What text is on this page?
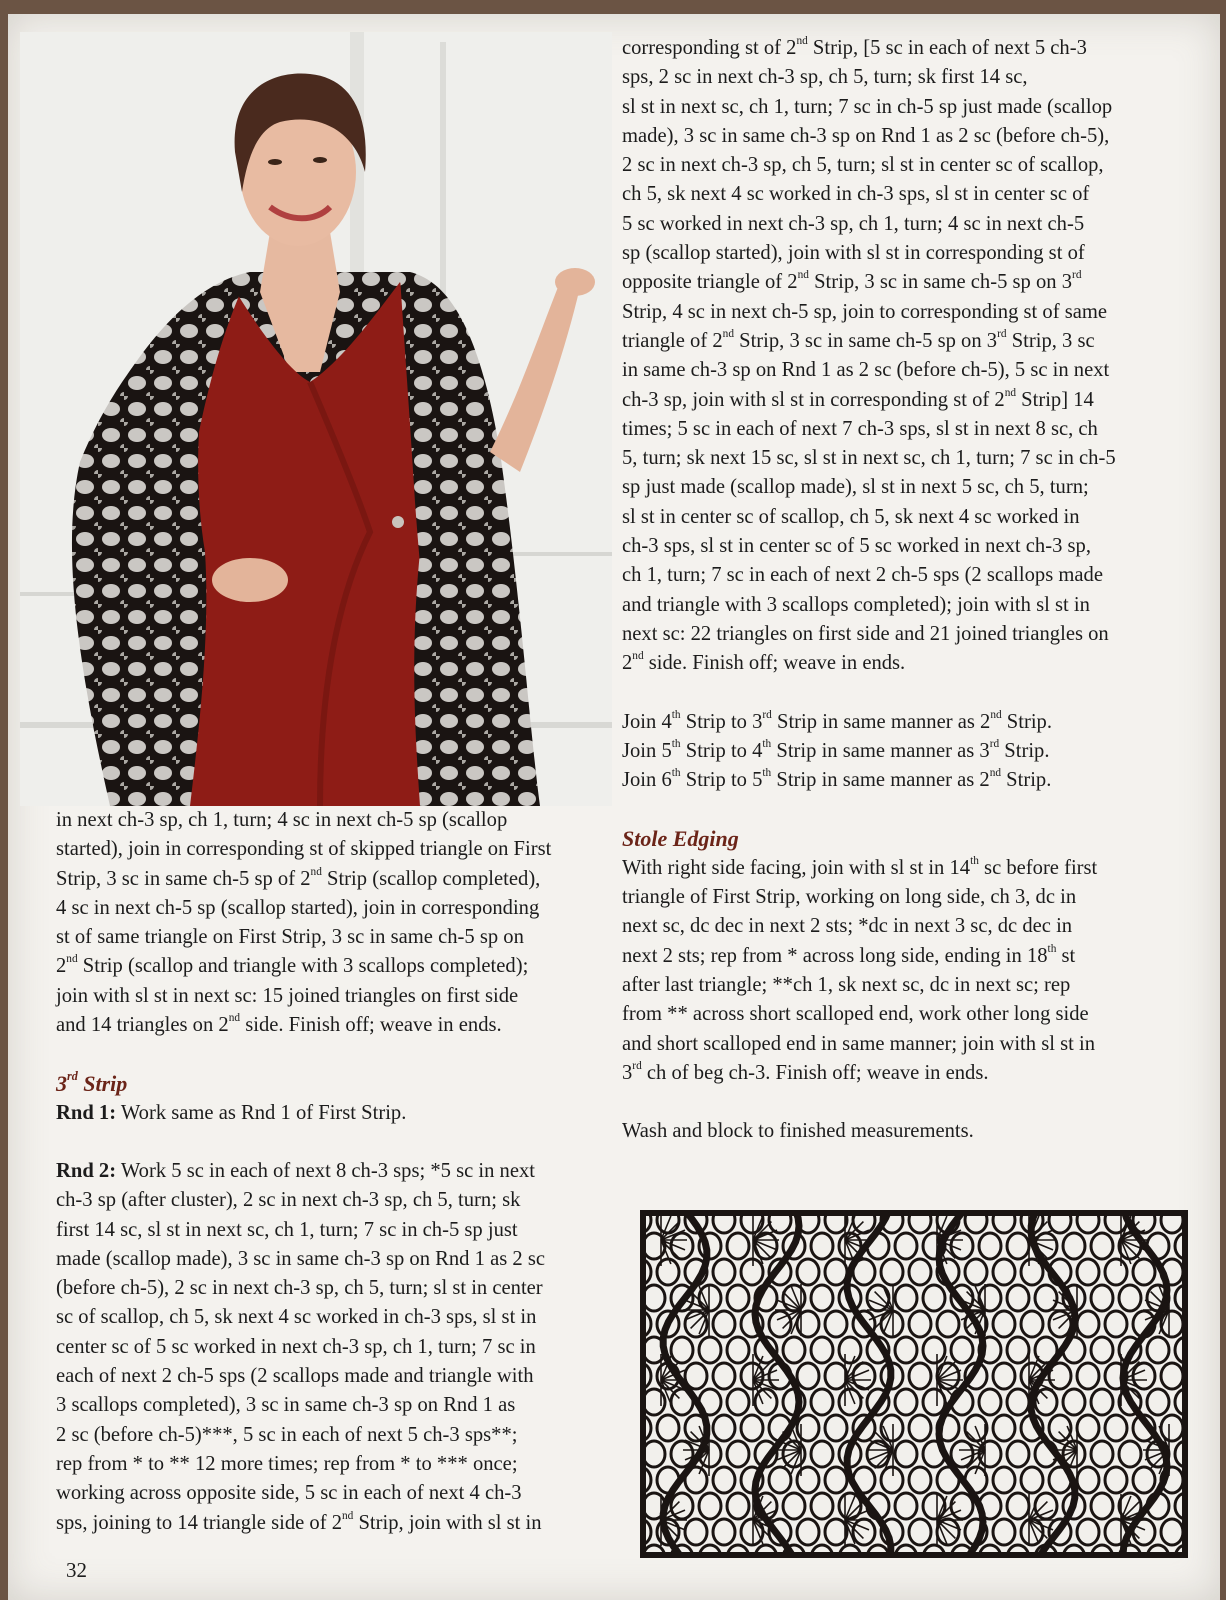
corresponding st of 2nd Strip, [5 sc in each of next 5 ch-3

sps, 2 sc in next ch-3 sp, ch 5, turn; sk first 14 sc,

sl st in next sc, ch 1, turn; 7 sc in ch-5 sp just made (scallop

made), 3 sc in same ch-3 sp on Rnd 1 as 2 sc (before ch-5),

2 sc in next ch-3 sp, ch 5, turn; sl st in center sc of scallop,

ch 5, sk next 4 sc worked in ch-3 sps, sl st in center sc of

5 sc worked in next ch-3 sp, ch 1, turn; 4 sc in next ch-5

sp (scallop started), join with sl st in corresponding st of

opposite triangle of 2nd Strip, 3 sc in same ch-5 sp on 3rd

Strip, 4 sc in next ch-5 sp, join to corresponding st of same

triangle of 2nd Strip, 3 sc in same ch-5 sp on 3rd Strip, 3 sc

in same ch-3 sp on Rnd 1 as 2 sc (before ch-5), 5 sc in next

ch-3 sp, join with sl st in corresponding st of 2nd Strip] 14

times; 5 sc in each of next 7 ch-3 sps, sl st in next 8 sc, ch

5, turn; sk next 15 sc, sl st in next sc, ch 1, turn; 7 sc in ch-5

sp just made (scallop made), sl st in next 5 sc, ch 5, turn;

sl st in center sc of scallop, ch 5, sk next 4 sc worked in

ch-3 sps, sl st in center sc of 5 sc worked in next ch-3 sp,

ch 1, turn; 7 sc in each of next 2 ch-5 sps (2 scallops made

and triangle with 3 scallops completed); join with sl st in

next sc: 22 triangles on first side and 21 joined triangles on

2nd side. Finish off; weave in ends.

Join 4th Strip to 3rd Strip in same manner as 2nd Strip.

Join 5th Strip to 4th Strip in same manner as 3rd Strip.

Join 6th Strip to 5th Strip in same manner as 2nd Strip.

Stole Edging

With right side facing, join with sl st in 14th sc before first

triangle of First Strip, working on long side, ch 3, dc in

next sc, dc dec in next 2 sts; *dc in next 3 sc, dc dec in

next 2 sts; rep from * across long side, ending in 18th st

after last triangle; **ch 1, sk next sc, dc in next sc; rep

from ** across short scalloped end, work other long side

and short scalloped end in same manner; join with sl st in

3rd ch of beg ch-3. Finish off; weave in ends.

Wash and block to finished measurements.

in next ch-3 sp, ch 1, turn; 4 sc in next ch-5 sp (scallop

started), join in corresponding st of skipped triangle on First

Strip, 3 sc in same ch-5 sp of 2nd Strip (scallop completed),

4 sc in next ch-5 sp (scallop started), join in corresponding

st of same triangle on First Strip, 3 sc in same ch-5 sp on

2nd Strip (scallop and triangle with 3 scallops completed);

join with sl st in next sc: 15 joined triangles on first side

and 14 triangles on 2nd side. Finish off; weave in ends.

3rd Strip

Rnd 1: Work same as Rnd 1 of First Strip.

Rnd 2: Work 5 sc in each of next 8 ch-3 sps; *5 sc in next

ch-3 sp (after cluster), 2 sc in next ch-3 sp, ch 5, turn; sk

first 14 sc, sl st in next sc, ch 1, turn; 7 sc in ch-5 sp just

made (scallop made), 3 sc in same ch-3 sp on Rnd 1 as 2 sc

(before ch-5), 2 sc in next ch-3 sp, ch 5, turn; sl st in center

sc of scallop, ch 5, sk next 4 sc worked in ch-3 sps, sl st in

center sc of 5 sc worked in next ch-3 sp, ch 1, turn; 7 sc in

each of next 2 ch-5 sps (2 scallops made and triangle with

3 scallops completed), 3 sc in same ch-3 sp on Rnd 1 as

2 sc (before ch-5)***, 5 sc in each of next 5 ch-3 sps**;

rep from * to ** 12 more times; rep from * to *** once;

working across opposite side, 5 sc in each of next 4 ch-3

sps, joining to 14 triangle side of 2nd Strip, join with sl st in

32
